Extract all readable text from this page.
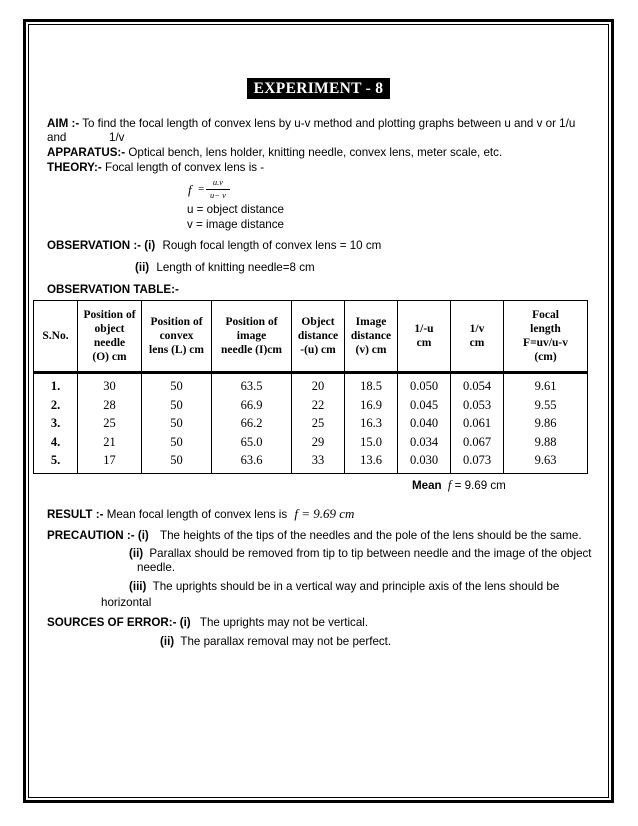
EXPERIMENT - 8
AIM :- To find the focal length of convex lens by u-v method and plotting graphs between u and v or 1/u
and	1/v
APPARATUS:- Optical bench, lens holder, knitting needle, convex lens, meter scale, etc.
THEORY:- Focal length of convex lens is -
f =
u.v
u− v
u = object distance
v = image distance
OBSERVATION :- (i) Rough focal length of convex lens = 10 cm
(ii) Length of knitting needle=8 cm
OBSERVATION TABLE:-
S.No.	Position of
object
needle
(O) cm	Position of
convex
lens (L) cm	Position of
image
needle (I)cm	Object
distance
-(u) cm	Image
distance
(v) cm	1/-u
cm	1/v
cm	Focal
length
F=uv/u-v
(cm)

1.	30	50	63.5	20	18.5	0.050	0.054	9.61
2.	28	50	66.9	22	16.9	0.045	0.053	9.55
3.	25	50	66.2	25	16.3	0.040	0.061	9.86
4.	21	50	65.0	29	15.0	0.034	0.067	9.88
5.	17	50	63.6	33	13.6	0.030	0.073	9.63
Mean f = 9.69 cm
RESULT :- Mean focal length of convex lens is f = 9.69 cm
PRECAUTION :- (i) The heights of the tips of the needles and the pole of the lens should be the same.
(ii) Parallax should be removed from tip to tip between needle and the image of the object
needle.
(iii) The uprights should be in a vertical way and principle axis of the lens should be
horizontal
SOURCES OF ERROR:- (i) The uprights may not be vertical.
(ii) The parallax removal may not be perfect.
